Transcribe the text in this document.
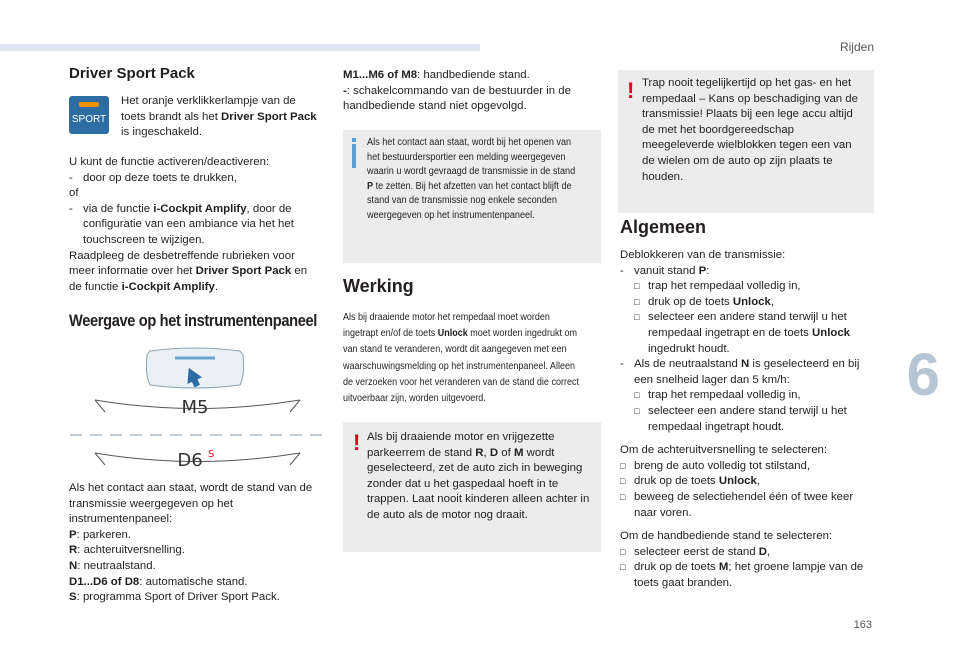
Rijden
6
163
Driver Sport Pack
SPORT

Het oranje verklikkerlampje van de toets brandt als het Driver Sport Pack is ingeschakeld.

U kunt de functie activeren/deactiveren:

- door op deze toets te drukken,

of

- via de functie i-Cockpit Amplify, door de configuratie van een ambiance via het het touchscreen te wijzigen.

Raadpleeg de desbetreffende rubrieken voor meer informatie over het Driver Sport Pack en de functie i-Cockpit Amplify.

Weergave op het instrumentenpaneel
M5
D6 S

Als het contact aan staat, wordt de stand van de transmissie weergegeven op het instrumentenpaneel:

P: parkeren.

R: achteruitversnelling.

N: neutraalstand.

D1...D6 of D8: automatische stand.

S: programma Sport of Driver Sport Pack.

M1...M6 of M8: handbediende stand.

-: schakelcommando van de bestuurder in de handbediende stand niet opgevolgd.

Als het contact aan staat, wordt bij het openen van het bestuurdersportier een melding weergegeven waarin u wordt gevraagd de transmissie in de stand P te zetten. Bij het afzetten van het contact blijft de stand van de transmissie nog enkele seconden weergegeven op het instrumentenpaneel.
Werking
Als bij draaiende motor het rempedaal moet worden ingetrapt en/of de toets Unlock moet worden ingedrukt om van stand te veranderen, wordt dit aangegeven met een waarschuwingsmelding op het instrumentenpaneel. Alleen de verzoeken voor het veranderen van de stand die correct uitvoerbaar zijn, worden uitgevoerd.
! Als bij draaiende motor en vrijgezette parkeerrem de stand R, D of M wordt geselecteerd, zet de auto zich in beweging zonder dat u het gaspedaal hoeft in te trappen. Laat nooit kinderen alleen achter in de auto als de motor nog draait.
! Trap nooit tegelijkertijd op het gas- en het rempedaal – Kans op beschadiging van de transmissie! Plaats bij een lege accu altijd de met het boordgereedschap meegeleverde wielblokken tegen een van de wielen om de auto op zijn plaats te houden.
Algemeen

Deblokkeren van de transmissie:

- vanuit stand P:
□ trap het rempedaal volledig in,
□ druk op de toets Unlock,
□ selecteer een andere stand terwijl u het rempedaal ingetrapt en de toets Unlock ingedrukt houdt.
- Als de neutraalstand N is geselecteerd en bij een snelheid lager dan 5 km/h:
□ trap het rempedaal volledig in,
□ selecteer een andere stand terwijl u het rempedaal ingetrapt houdt.

Om de achteruitversnelling te selecteren:

□ breng de auto volledig tot stilstand,
□ druk op de toets Unlock,
□ beweeg de selectiehendel één of twee keer naar voren.

Om de handbediende stand te selecteren:

□ selecteer eerst de stand D,
□ druk op de toets M; het groene lampje van de toets gaat branden.
